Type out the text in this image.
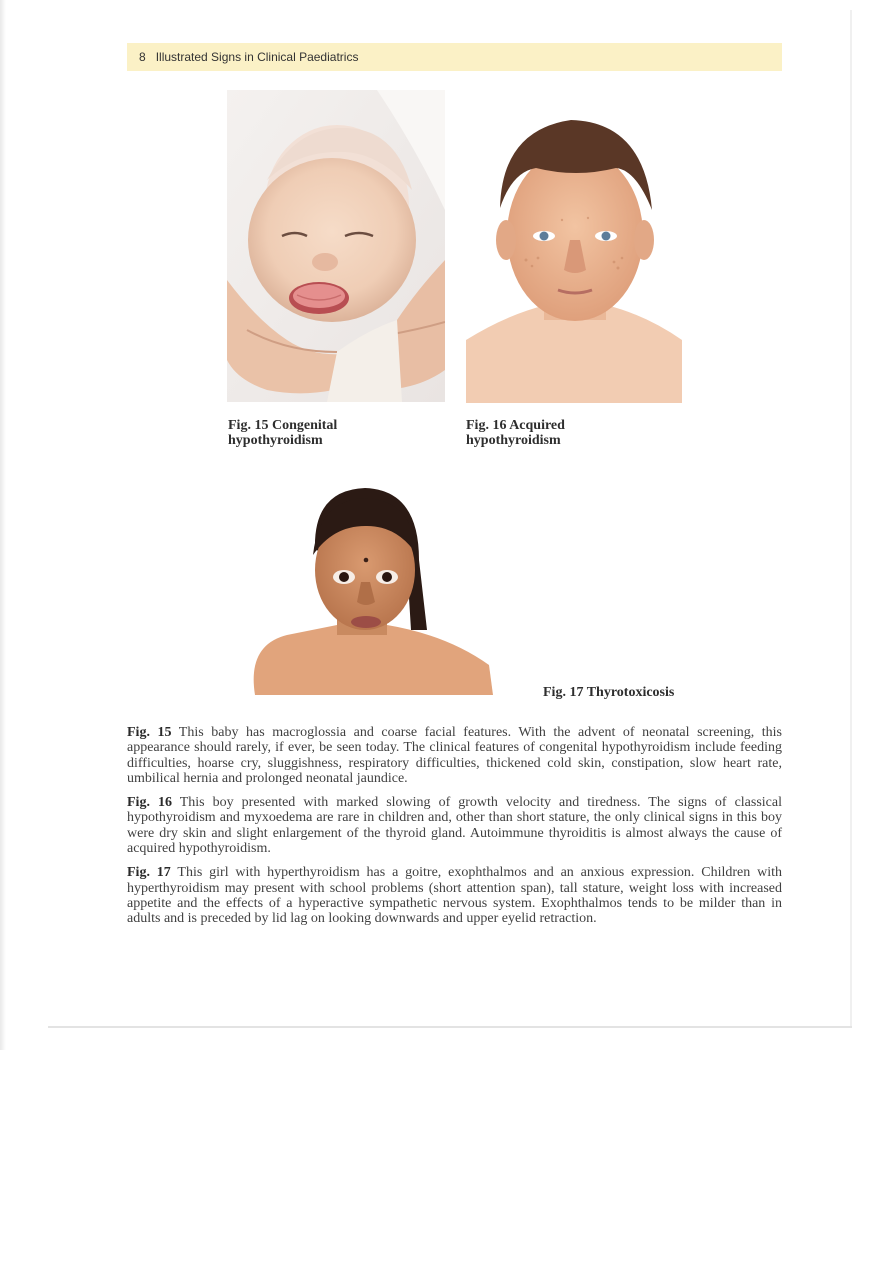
8 Illustrated Signs in Clinical Paediatrics
Fig. 15 Congenital
hypothyroidism
Fig. 16 Acquired
hypothyroidism
Fig. 17 Thyrotoxicosis

Fig. 15 This baby has macroglossia and coarse facial features. With the advent of neonatal screening, this appearance should rarely, if ever, be seen today. The clinical features of congenital hypothyroidism include feeding difficulties, hoarse cry, sluggishness, respiratory difficulties, thickened cold skin, constipation, slow heart rate, umbilical hernia and prolonged neonatal jaundice.

Fig. 16 This boy presented with marked slowing of growth velocity and tiredness. The signs of classical hypothyroidism and myxoedema are rare in children and, other than short stature, the only clinical signs in this boy were dry skin and slight enlargement of the thyroid gland. Autoimmune thyroiditis is almost always the cause of acquired hypothyroidism.

Fig. 17 This girl with hyperthyroidism has a goitre, exophthalmos and an anxious expression. Children with hyperthyroidism may present with school problems (short attention span), tall stature, weight loss with increased appetite and the effects of a hyperactive sympathetic nervous system. Exophthalmos tends to be milder than in adults and is preceded by lid lag on looking downwards and upper eyelid retraction.
